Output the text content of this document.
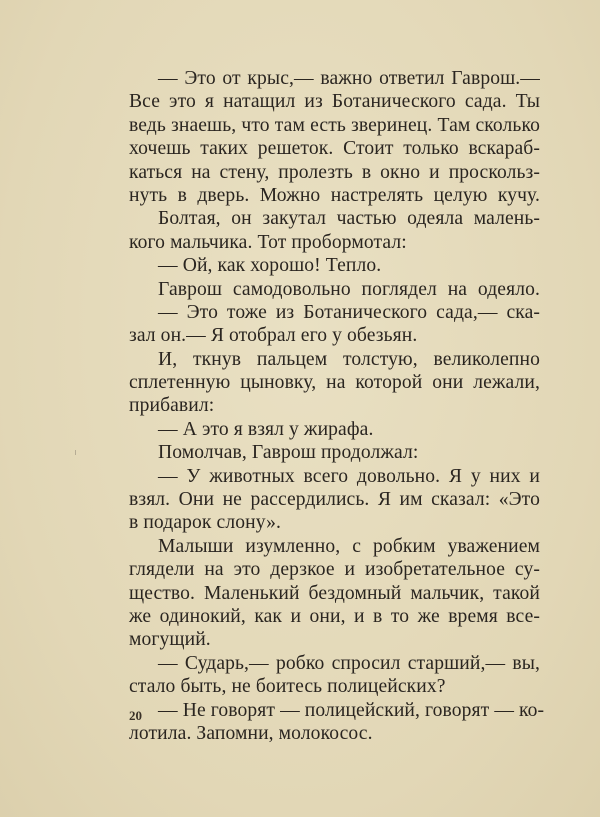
— Это от крыс,— важно ответил Гаврош.—
Все это я натащил из Ботанического сада. Ты
ведь знаешь, что там есть зверинец. Там сколько
хочешь таких решеток. Стоит только вскараб-
каться на стену, пролезть в окно и проскольз-
нуть в дверь. Можно настрелять целую кучу.
Болтая, он закутал частью одеяла малень-
кого мальчика. Тот пробормотал:
— Ой, как хорошо! Тепло.
Гаврош самодовольно поглядел на одеяло.
— Это тоже из Ботанического сада,— ска-
зал он.— Я отобрал его у обезьян.
И, ткнув пальцем толстую, великолепно
сплетенную цыновку, на которой они лежали,
прибавил:
— А это я взял у жирафа.
Помолчав, Гаврош продолжал:
— У животных всего довольно. Я у них и
взял. Они не рассердились. Я им сказал: «Это
в подарок слону».
Малыши изумленно, с робким уважением
глядели на это дерзкое и изобретательное су-
щество. Маленький бездомный мальчик, такой
же одинокий, как и они, и в то же время все-
могущий.
— Сударь,— робко спросил старший,— вы,
стало быть, не боитесь полицейских?
— Не говорят — полицейский, говорят — ко-
лотила. Запомни, молокосос.
20
